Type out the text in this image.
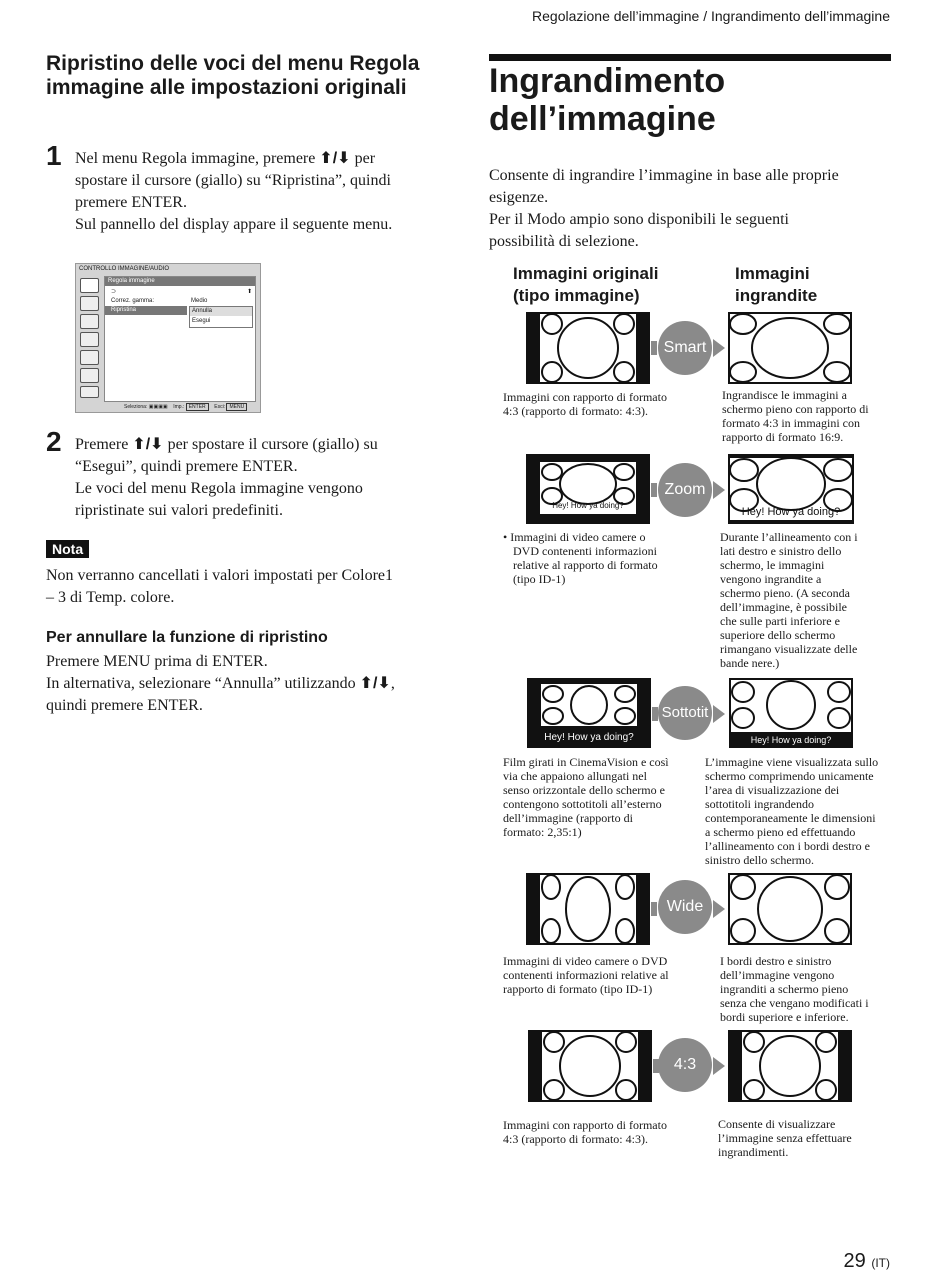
Regolazione dell’immagine / Ingrandimento dell’immagine
Ripristino delle voci del menu Regola immagine alle impostazioni originali
1 Nel menu Regola immagine, premere ⬆/⬇ per
spostare il cursore (giallo) su “Ripristina”, quindi
premere ENTER.
Sul pannello del display appare il seguente menu.
CONTROLLO IMMAGINE/AUDIO
Regola immagine
⊃	⬆
Correz. gamma:	Medio
Ripristina	Annulla
Esegui
Seleziona: ▣▣▣▣    Imp.: ENTER Esci: MENU
2 Premere ⬆/⬇ per spostare il cursore (giallo) su
“Esegui”, quindi premere ENTER.
Le voci del menu Regola immagine vengono
ripristinate sui valori predefiniti.
Nota
Non verranno cancellati i valori impostati per Colore1
– 3 di Temp. colore.
Per annullare la funzione di ripristino
Premere MENU prima di ENTER.
In alternativa, selezionare “Annulla” utilizzando ⬆/⬇,
quindi premere ENTER.
Ingrandimento
dell’immagine
Consente di ingrandire l’immagine in base alle proprie
esigenze.
Per il Modo ampio sono disponibili le seguenti
possibilità di selezione.
Immagini originali
(tipo immagine)
Immagini
ingrandite
Smart
Immagini con rapporto di formato
4:3 (rapporto di formato: 4:3).
Ingrandisce le immagini a
schermo pieno con rapporto di
formato 4:3 in immagini con
rapporto di formato 16:9.
Hey! How ya doing?
Zoom
Hey! How ya doing?
• Immagini di video camere o
DVD contenenti informazioni
relative al rapporto di formato
(tipo ID-1)
Durante l’allineamento con i
lati destro e sinistro dello
schermo, le immagini
vengono ingrandite a
schermo pieno. (A seconda
dell’immagine, è possibile
che sulle parti inferiore e
superiore dello schermo
rimangano visualizzate delle
bande nere.)
Hey! How ya doing?
Sottotit
Hey! How ya doing?
Film girati in CinemaVision e così
via che appaiono allungati nel
senso orizzontale dello schermo e
contengono sottotitoli all’esterno
dell’immagine (rapporto di
formato: 2,35:1)
L’immagine viene visualizzata sullo
schermo comprimendo unicamente
l’area di visualizzazione dei
sottotitoli ingrandendo
contemporaneamente le dimensioni
a schermo pieno ed effettuando
l’allineamento con i bordi destro e
sinistro dello schermo.
Wide
Immagini di video camere o DVD
contenenti informazioni relative al
rapporto di formato (tipo ID-1)
I bordi destro e sinistro
dell’immagine vengono
ingranditi a schermo pieno
senza che vengano modificati i
bordi superiore e inferiore.
4:3
Immagini con rapporto di formato
4:3 (rapporto di formato: 4:3).
Consente di visualizzare
l’immagine senza effettuare
ingrandimenti.
29 (IT)
